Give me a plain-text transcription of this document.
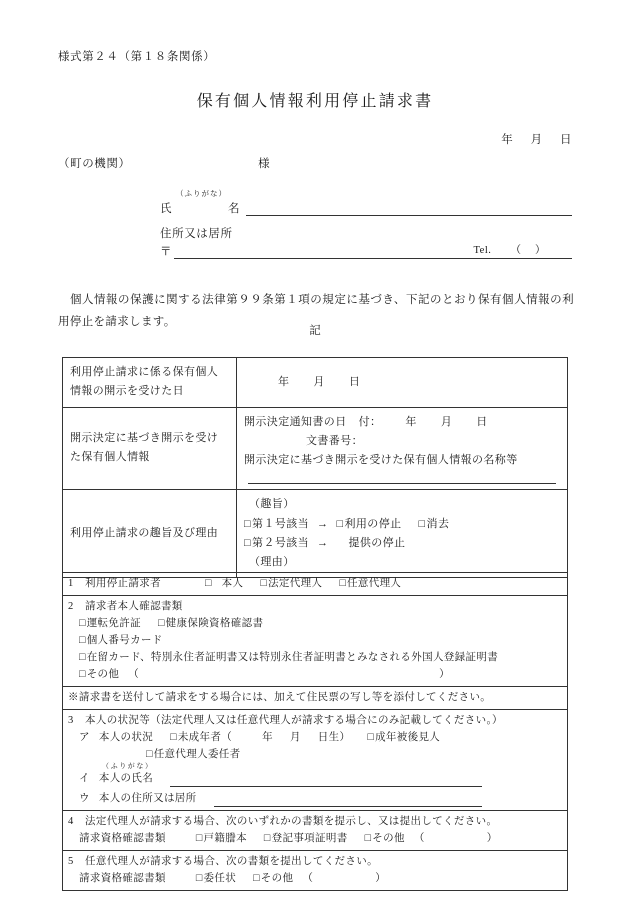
様式第２４（第１８条関係）
保有個人情報利用停止請求書
年 月 日
（町の機関）	様
（ふりがな）
氏	名
住所又は居所
〒	Tel. （）
個人情報の保護に関する法律第９９条第１項の規定に基づき、下記のとおり保有個人情報の利用停止を請求します。
記
利用停止請求に係る保有個人情報の開示を受けた日	年 月 日
開示決定に基づき開示を受けた保有個人情報	開示決定通知書の日 付： 年 月 日
文書番号：
開示決定に基づき開示を受けた保有個人情報の名称等

利用停止請求の趣旨及び理由	（趣旨）
□第１号該当 → □利用の停止 □消去
□第２号該当 → 提供の停止
（理由）
1 利用停止請求者	□ 本人 □法定代理人 □任意代理人
2 請求者本人確認書類
□運転免許証 □健康保険資格確認書
□個人番号カード
□在留カード、特別永住者証明書又は特別永住者証明書とみなされる外国人登録証明書
□その他 （	）

※請求書を送付して請求をする場合には、加えて住民票の写し等を添付してください。
3 本人の状況等（法定代理人又は任意代理人が請求する場合にのみ記載してください。）
ア 本人の状況 □未成年者（	年 月 日生） □成年被後見人
□任意代理人委任者
（ふりがな）
イ 本人の氏名
ウ 本人の住所又は居所

4 法定代理人が請求する場合、次のいずれかの書類を提示し、又は提出してください。
請求資格確認書類	□戸籍謄本 □登記事項証明書 □その他 （	）

5 任意代理人が請求する場合、次の書類を提出してください。
請求資格確認書類	□委任状 □その他 （	）
